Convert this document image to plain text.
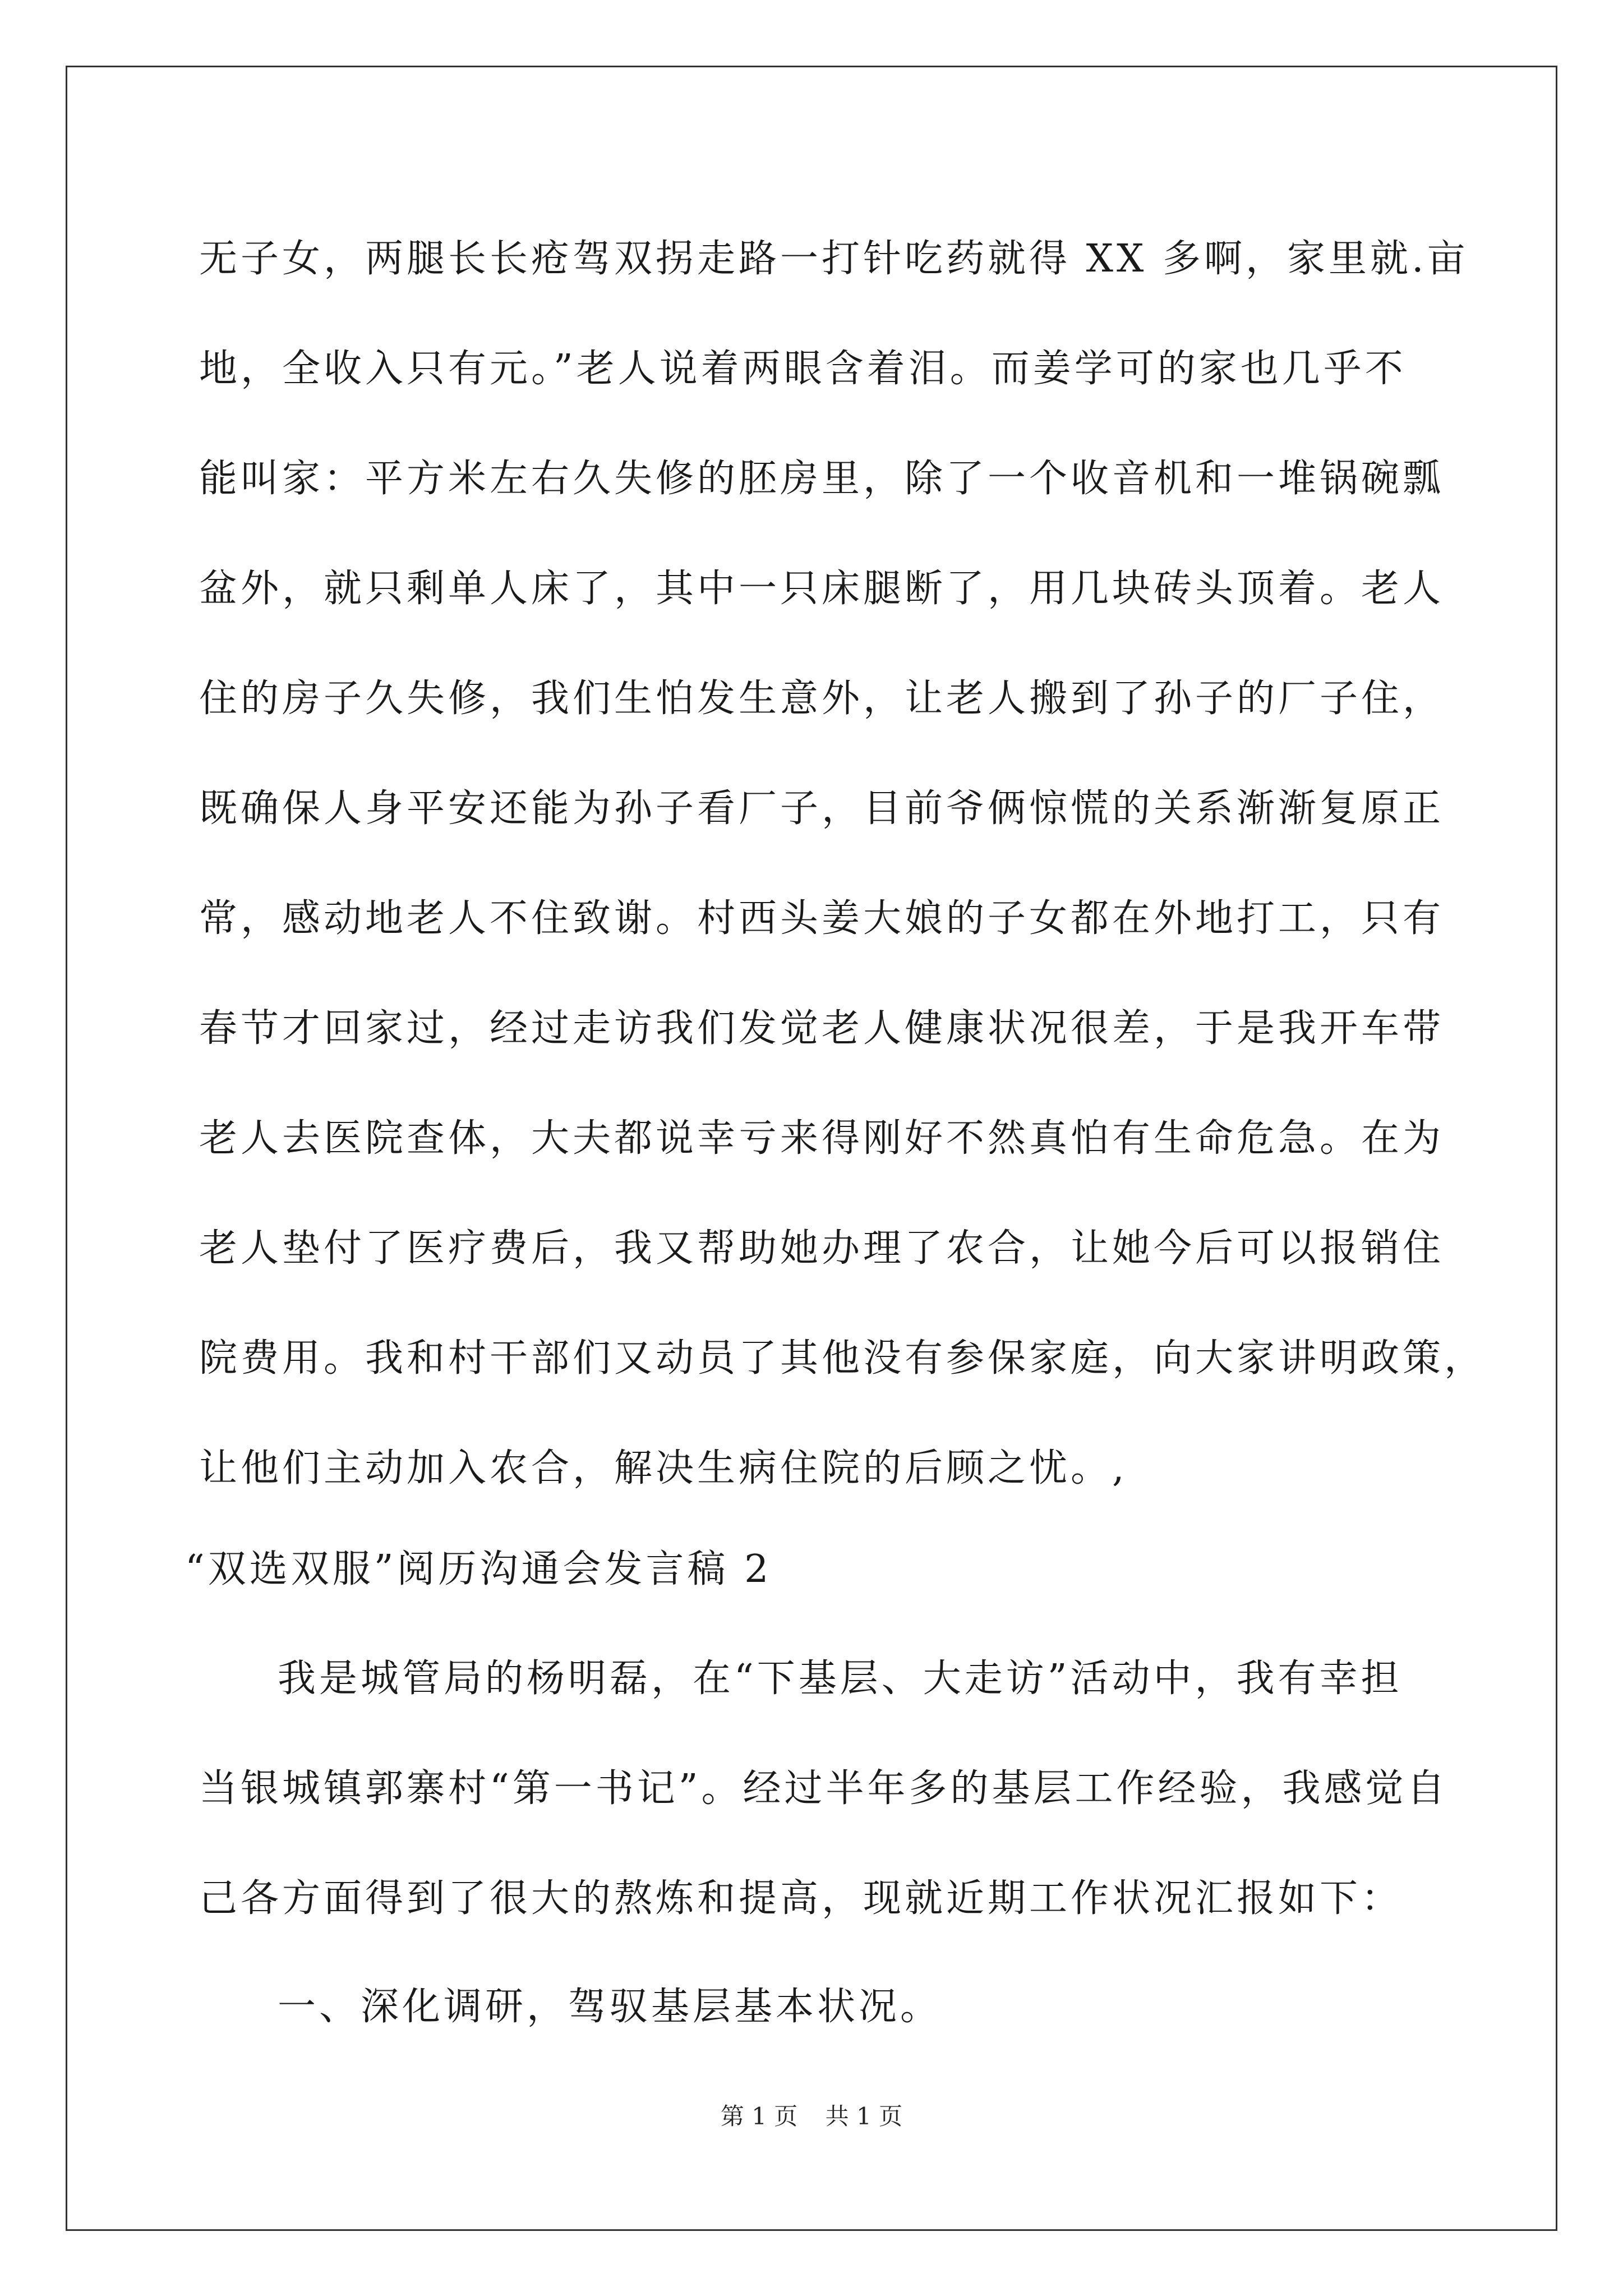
无子女，两腿长长疮驾双拐走路一打针吃药就得 XX 多啊，家里就.亩
地，全收入只有元。”老人说着两眼含着泪。而姜学可的家也几乎不
能叫家：平方米左右久失修的胚房里，除了一个收音机和一堆锅碗瓢
盆外，就只剩单人床了，其中一只床腿断了，用几块砖头顶着。老人
住的房子久失修，我们生怕发生意外，让老人搬到了孙子的厂子住，
既确保人身平安还能为孙子看厂子，目前爷俩惊慌的关系渐渐复原正
常，感动地老人不住致谢。村西头姜大娘的子女都在外地打工，只有
春节才回家过，经过走访我们发觉老人健康状况很差，于是我开车带
老人去医院查体，大夫都说幸亏来得刚好不然真怕有生命危急。在为
老人垫付了医疗费后，我又帮助她办理了农合，让她今后可以报销住
院费用。我和村干部们又动员了其他没有参保家庭，向大家讲明政策，
让他们主动加入农合，解决生病住院的后顾之忧。,
“双选双服”阅历沟通会发言稿 2
我是城管局的杨明磊，在“下基层、大走访”活动中，我有幸担
当银城镇郭寨村“第一书记”。经过半年多的基层工作经验，我感觉自
己各方面得到了很大的熬炼和提高，现就近期工作状况汇报如下：
一、深化调研，驾驭基层基本状况。
第 1 页 共 1 页
